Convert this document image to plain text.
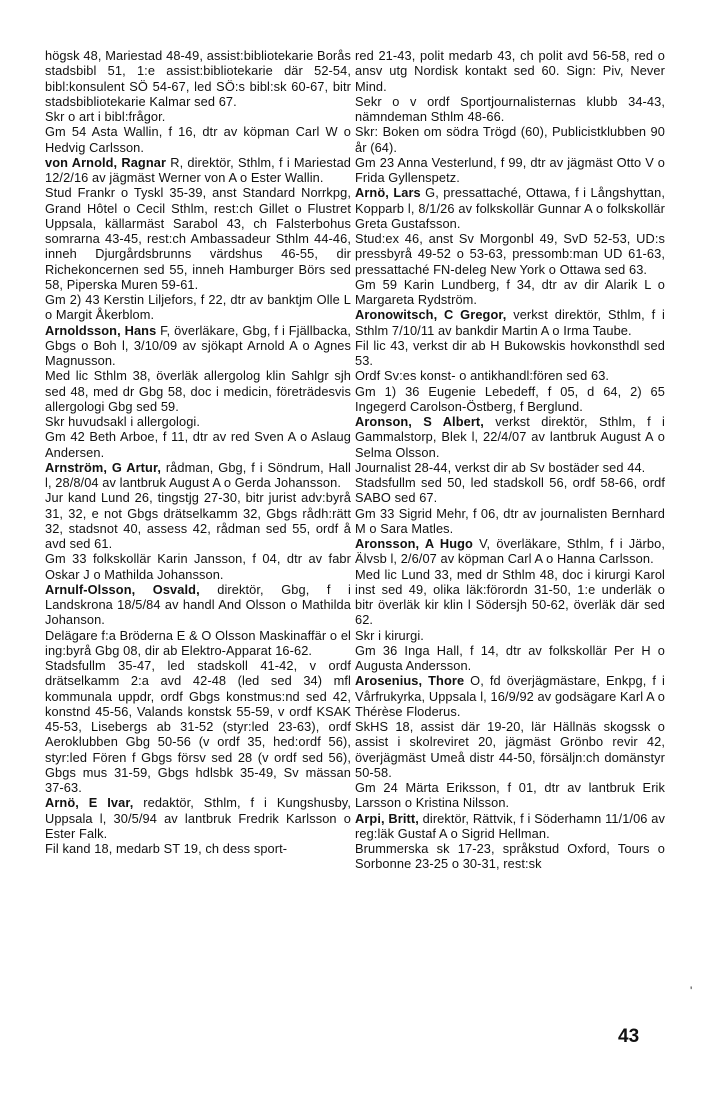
högsk 48, Mariestad 48-49, assist:bibliotekarie Borås stadsbibl 51, 1:e assist:bibliotekarie där 52-54, bibl:konsulent SÖ 54-67, led SÖ:s bibl:sk 60-67, bitr stadsbibliotekarie Kalmar sed 67.

Skr o art i bibl:frågor.

Gm 54 Asta Wallin, f 16, dtr av köpman Carl W o Hedvig Carlsson.

von Arnold, Ragnar R, direktör, Sthlm, f i Mariestad 12/2/16 av jägmäst Werner von A o Ester Wallin.

Stud Frankr o Tyskl 35-39, anst Standard Norrkpg, Grand Hôtel o Cecil Sthlm, rest:ch Gillet o Flustret Uppsala, källarmäst Sarabol 43, ch Falsterbohus somrarna 43-45, rest:ch Ambassadeur Sthlm 44-46, inneh Djurgårdsbrunns värdshus 46-55, dir Richekoncernen sed 55, inneh Hamburger Börs sed 58, Piperska Muren 59-61.

Gm 2) 43 Kerstin Liljefors, f 22, dtr av banktjm Olle L o Margit Åkerblom.

Arnoldsson, Hans F, överläkare, Gbg, f i Fjällbacka, Gbgs o Boh l, 3/10/09 av sjökapt Arnold A o Agnes Magnusson.

Med lic Sthlm 38, överläk allergolog klin Sahlgr sjh sed 48, med dr Gbg 58, doc i medicin, företrädesvis allergologi Gbg sed 59.

Skr huvudsakl i allergologi.

Gm 42 Beth Arboe, f 11, dtr av red Sven A o Aslaug Andersen.

Arnström, G Artur, rådman, Gbg, f i Söndrum, Hall l, 28/8/04 av lantbruk August A o Gerda Johansson.

Jur kand Lund 26, tingstjg 27-30, bitr jurist adv:byrå 31, 32, e not Gbgs drätselkamm 32, Gbgs rådh:rätt 32, stadsnot 40, assess 42, rådman sed 55, ordf å avd sed 61.

Gm 33 folkskollär Karin Jansson, f 04, dtr av fabr Oskar J o Mathilda Johansson.

Arnulf-Olsson, Osvald, direktör, Gbg, f i Landskrona 18/5/84 av handl And Olsson o Mathilda Johanson.

Delägare f:a Bröderna E & O Olsson Maskinaffär o el ing:byrå Gbg 08, dir ab Elektro-Apparat 16-62.

Stadsfullm 35-47, led stadskoll 41-42, v ordf drätselkamm 2:a avd 42-48 (led sed 34) mfl kommunala uppdr, ordf Gbgs konstmus:nd sed 42, konstnd 45-56, Valands konstsk 55-59, v ordf KSAK 45-53, Lisebergs ab 31-52 (styr:led 23-63), ordf Aeroklubben Gbg 50-56 (v ordf 35, hed:ordf 56), styr:led Fören f Gbgs försv sed 28 (v ordf sed 56), Gbgs mus 31-59, Gbgs hdlsbk 35-49, Sv mässan 37-63.

Arnö, E Ivar, redaktör, Sthlm, f i Kungshusby, Uppsala l, 30/5/94 av lantbruk Fredrik Karlsson o Ester Falk.

Fil kand 18, medarb ST 19, ch dess sport-

red 21-43, polit medarb 43, ch polit avd 56-58, red o ansv utg Nordisk kontakt sed 60. Sign: Piv, Never Mind.

Sekr o v ordf Sportjournalisternas klubb 34-43, nämndeman Sthlm 48-66.

Skr: Boken om södra Trögd (60), Publicistklubben 90 år (64).

Gm 23 Anna Vesterlund, f 99, dtr av jägmäst Otto V o Frida Gyllenspetz.

Arnö, Lars G, pressattaché, Ottawa, f i Långshyttan, Kopparb l, 8/1/26 av folkskollär Gunnar A o folkskollär Greta Gustafsson.

Stud:ex 46, anst Sv Morgonbl 49, SvD 52-53, UD:s pressbyrå 49-52 o 53-63, pressomb:man UD 61-63, pressattaché FN-deleg New York o Ottawa sed 63.

Gm 59 Karin Lundberg, f 34, dtr av dir Alarik L o Margareta Rydström.

Aronowitsch, C Gregor, verkst direktör, Sthlm, f i Sthlm 7/10/11 av bankdir Martin A o Irma Taube.

Fil lic 43, verkst dir ab H Bukowskis hovkonsthdl sed 53.

Ordf Sv:es konst- o antikhandl:fören sed 63.

Gm 1) 36 Eugenie Lebedeff, f 05, d 64, 2) 65 Ingegerd Carolson-Östberg, f Berglund.

Aronson, S Albert, verkst direktör, Sthlm, f i Gammalstorp, Blek l, 22/4/07 av lantbruk August A o Selma Olsson.

Journalist 28-44, verkst dir ab Sv bostäder sed 44.

Stadsfullm sed 50, led stadskoll 56, ordf 58-66, ordf SABO sed 67.

Gm 33 Sigrid Mehr, f 06, dtr av journalisten Bernhard M o Sara Matles.

Aronsson, A Hugo V, överläkare, Sthlm, f i Järbo, Älvsb l, 2/6/07 av köpman Carl A o Hanna Carlsson.

Med lic Lund 33, med dr Sthlm 48, doc i kirurgi Karol inst sed 49, olika läk:förordn 31-50, 1:e underläk o bitr överläk kir klin l Södersjh 50-62, överläk där sed 62.

Skr i kirurgi.

Gm 36 Inga Hall, f 14, dtr av folkskollär Per H o Augusta Andersson.

Arosenius, Thore O, fd överjägmästare, Enkpg, f i Vårfrukyrka, Uppsala l, 16/9/92 av godsägare Karl A o Thérèse Floderus.

SkHS 18, assist där 19-20, lär Hällnäs skogssk o assist i skolreviret 20, jägmäst Grönbo revir 42, överjägmäst Umeå distr 44-50, försäljn:ch domänstyr 50-58.

Gm 24 Märta Eriksson, f 01, dtr av lantbruk Erik Larsson o Kristina Nilsson.

Arpi, Britt, direktör, Rättvik, f i Söderhamn 11/1/06 av reg:läk Gustaf A o Sigrid Hellman.

Brummerska sk 17-23, språkstud Oxford, Tours o Sorbonne 23-25 o 30-31, rest:sk

'
43
